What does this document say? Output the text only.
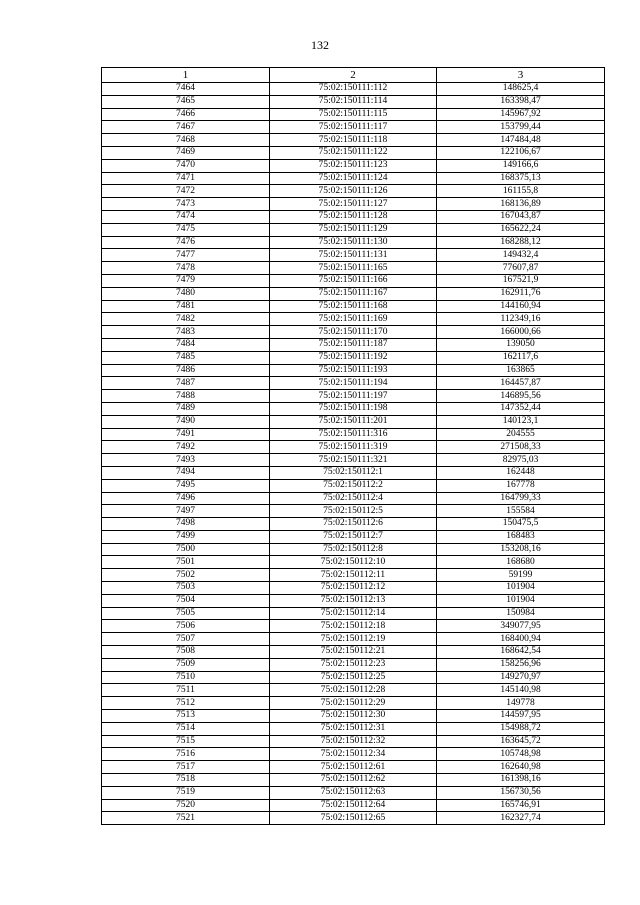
132
1	2	3
7464	75:02:150111:112	148625,4
7465	75:02:150111:114	163398,47
7466	75:02:150111:115	145967,92
7467	75:02:150111:117	153799,44
7468	75:02:150111:118	147484,48
7469	75:02:150111:122	122106,67
7470	75:02:150111:123	149166,6
7471	75:02:150111:124	168375,13
7472	75:02:150111:126	161155,8
7473	75:02:150111:127	168136,89
7474	75:02:150111:128	167043,87
7475	75:02:150111:129	165622,24
7476	75:02:150111:130	168288,12
7477	75:02:150111:131	149432,4
7478	75:02:150111:165	77607,87
7479	75:02:150111:166	167521,9
7480	75:02:150111:167	162911,76
7481	75:02:150111:168	144160,94
7482	75:02:150111:169	112349,16
7483	75:02:150111:170	166000,66
7484	75:02:150111:187	139050
7485	75:02:150111:192	162117,6
7486	75:02:150111:193	163865
7487	75:02:150111:194	164457,87
7488	75:02:150111:197	146895,56
7489	75:02:150111:198	147352,44
7490	75:02:150111:201	140123,1
7491	75:02:150111:316	204555
7492	75:02:150111:319	271508,33
7493	75:02:150111:321	82975,03
7494	75:02:150112:1	162448
7495	75:02:150112:2	167778
7496	75:02:150112:4	164799,33
7497	75:02:150112:5	155584
7498	75:02:150112:6	150475,5
7499	75:02:150112:7	168483
7500	75:02:150112:8	153208,16
7501	75:02:150112:10	168680
7502	75:02:150112:11	59199
7503	75:02:150112:12	101904
7504	75:02:150112:13	101904
7505	75:02:150112:14	150984
7506	75:02:150112:18	349077,95
7507	75:02:150112:19	168400,94
7508	75:02:150112:21	168642,54
7509	75:02:150112:23	158256,96
7510	75:02:150112:25	149270,97
7511	75:02:150112:28	145140,98
7512	75:02:150112:29	149778
7513	75:02:150112:30	144597,95
7514	75:02:150112:31	154988,72
7515	75:02:150112:32	163645,72
7516	75:02:150112:34	105748,98
7517	75:02:150112:61	162640,98
7518	75:02:150112:62	161398,16
7519	75:02:150112:63	156730,56
7520	75:02:150112:64	165746,91
7521	75:02:150112:65	162327,74
